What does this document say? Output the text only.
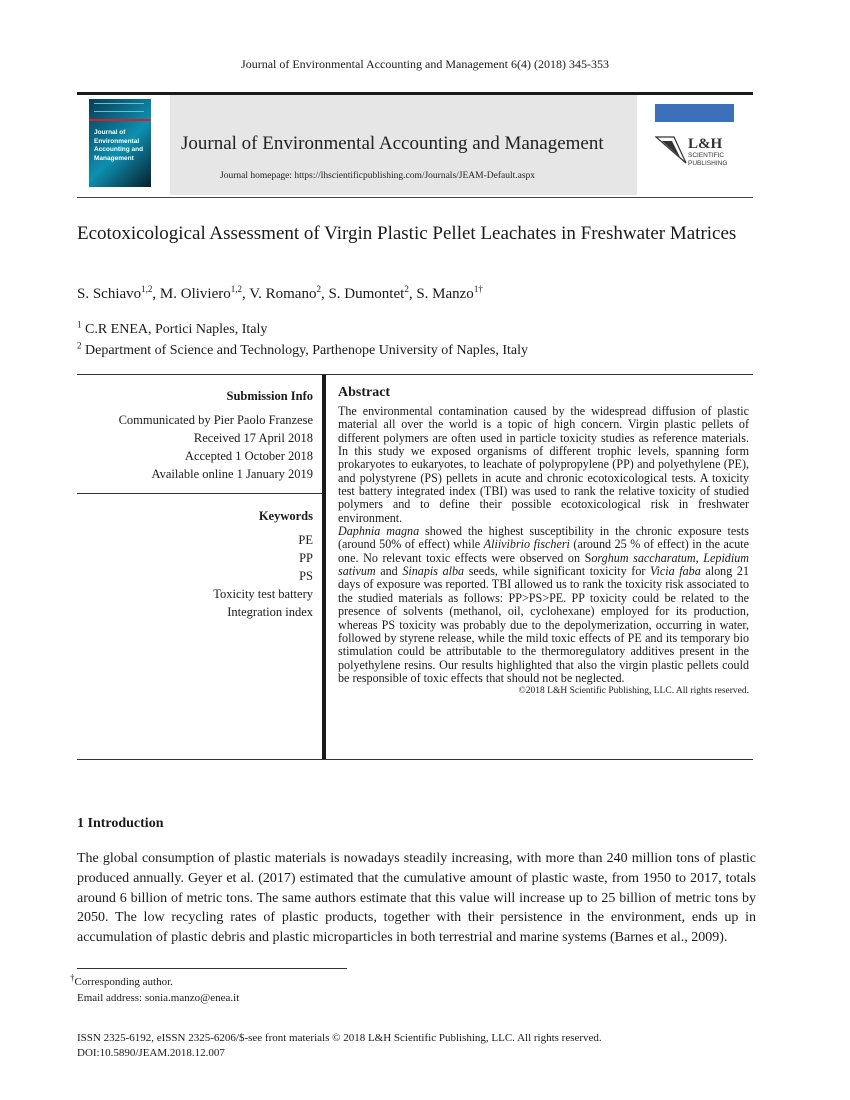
Journal of Environmental Accounting and Management 6(4) (2018) 345-353
Journal of Environmental Accounting and Management
Journal of Environmental Accounting and Management
Journal homepage: https://lhscientificpublishing.com/Journals/JEAM-Default.aspx
L&H
SCIENTIFIC
PUBLISHING
Ecotoxicological Assessment of Virgin Plastic Pellet Leachates in Freshwater Matrices
S. Schiavo$^{1,2}$, M. Oliviero$^{1,2}$, V. Romano$^2$, S. Dumontet$^2$, S. Manzo$^{1\dagger}$
$^1$ C.R ENEA, Portici Naples, Italy
$^2$ Department of Science and Technology, Parthenope University of Naples, Italy
Submission Info
Communicated by Pier Paolo Franzese
Received 17 April 2018
Accepted 1 October 2018
Available online 1 January 2019
Keywords
PE
PP
PS
Toxicity test battery
Integration index
Abstract

The environmental contamination caused by the widespread diffusion of plastic material all over the world is a topic of high concern. Virgin plastic pellets of different polymers are often used in particle toxicity studies as reference materials. In this study we exposed organisms of different trophic levels, spanning form prokaryotes to eukaryotes, to leachate of polypropylene (PP) and polyethylene (PE), and polystyrene (PS) pellets in acute and chronic ecotoxicological tests. A toxicity test battery integrated index (TBI) was used to rank the relative toxicity of studied polymers and to define their possible ecotoxicological risk in freshwater environment.
Daphnia magna showed the highest susceptibility in the chronic exposure tests (around 50% of effect) while Aliivibrio fischeri (around 25 % of effect) in the acute one. No relevant toxic effects were observed on Sorghum saccharatum, Lepidium sativum and Sinapis alba seeds, while significant toxicity for Vicia faba along 21 days of exposure was reported. TBI allowed us to rank the toxicity risk associated to the studied materials as follows: PP>PS>PE. PP toxicity could be related to the presence of solvents (methanol, oil, cyclohexane) employed for its production, whereas PS toxicity was probably due to the depolymerization, occurring in water, followed by styrene release, while the mild toxic effects of PE and its temporary bio stimulation could be attributable to the thermoregulatory additives present in the polyethylene resins. Our results highlighted that also the virgin plastic pellets could be responsible of toxic effects that should not be neglected.

©2018 L&H Scientific Publishing, LLC. All rights reserved.
1 Introduction

The global consumption of plastic materials is nowadays steadily increasing, with more than 240 million tons of plastic produced annually. Geyer et al. (2017) estimated that the cumulative amount of plastic waste, from 1950 to 2017, totals around 6 billion of metric tons. The same authors estimate that this value will increase up to 25 billion of metric tons by 2050. The low recycling rates of plastic products, together with their persistence in the environment, ends up in accumulation of plastic debris and plastic microparticles in both terrestrial and marine systems (Barnes et al., 2009).

†Corresponding author.
Email address: sonia.manzo@enea.it
ISSN 2325-6192, eISSN 2325-6206/$-see front materials © 2018 L&H Scientific Publishing, LLC. All rights reserved.
DOI:10.5890/JEAM.2018.12.007
